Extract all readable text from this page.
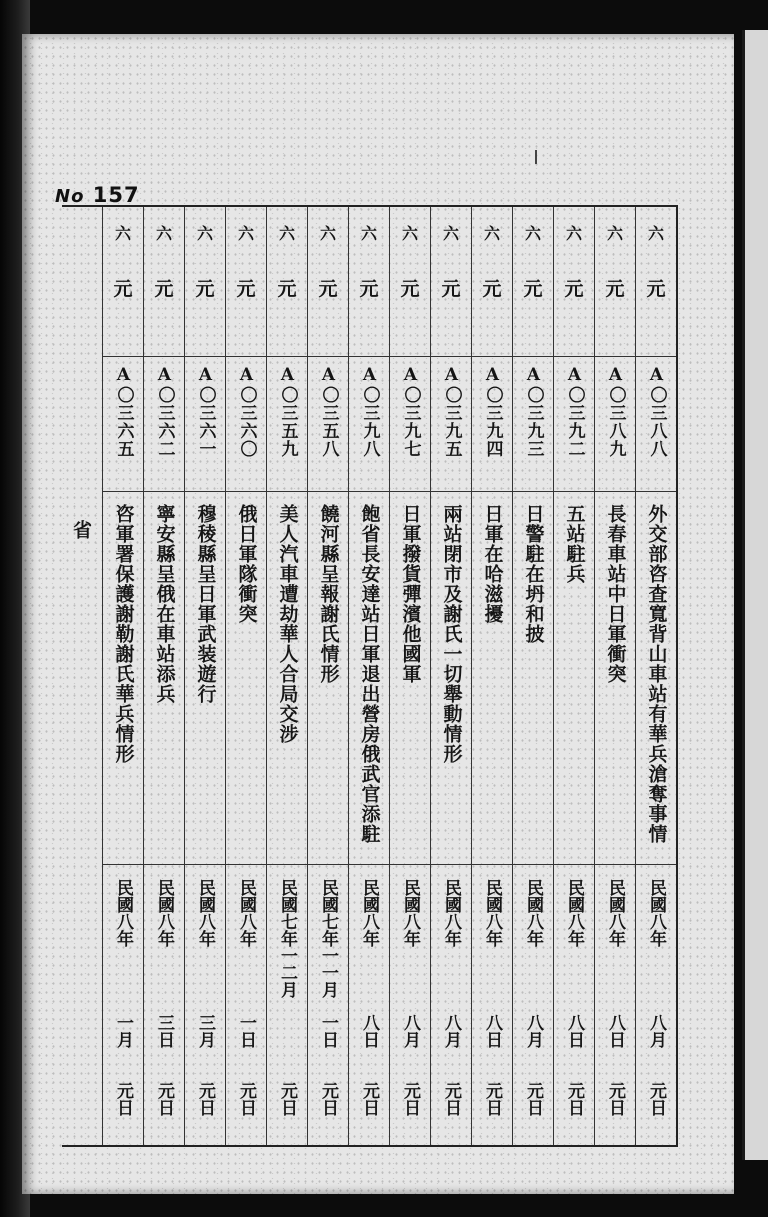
No 157
六
元
A〇三八八
外交部咨査寬背山車站有華兵滄奪事情
民國八年
八月
元日
六
元
A〇三八九
長春車站中日軍衝突
民國八年
八日
元日
六
元
A〇三九二
五站駐兵
民國八年
八日
元日
六
元
A〇三九三
日警駐在坍和披
民國八年
八月
元日
六
元
A〇三九四
日軍在哈滋擾
民國八年
八日
元日
六
元
A〇三九五
兩站閉市及謝氏一切舉動情形
民國八年
八月
元日
六
元
A〇三九七
日軍撥貨彈濱他國軍
民國八年
八月
元日
六
元
A〇三九八
飽省長安達站日軍退出營房俄武官添駐
民國八年
八日
元日
六
元
A〇三五八
饒河縣呈報謝氏情形
民國七年一一月
一日
元日
六
元
A〇三五九
美人汽車遭劫華人合局交涉
民國七年一二月
元日
六
元
A〇三六〇
俄日軍隊衝突
民國八年
一日
元日
六
元
A〇三六一
穆稜縣呈日軍武装遊行
民國八年
三月
元日
六
元
A〇三六二
寧安縣呈俄在車站添兵
民國八年
三日
元日
六
元
A〇三六五
咨軍署保護謝勒謝氏華兵情形
民國八年
一月
元日
省
